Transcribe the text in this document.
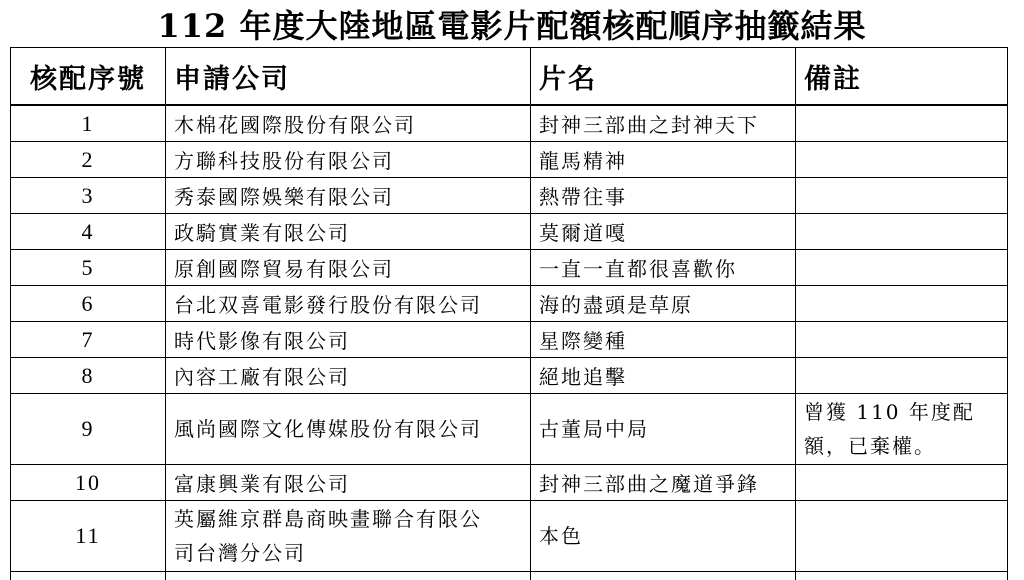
112 年度大陸地區電影片配額核配順序抽籤結果
核配序號	申請公司	片名	備註
1	木棉花國際股份有限公司	封神三部曲之封神天下	
2	方聯科技股份有限公司	龍馬精神	
3	秀泰國際娛樂有限公司	熱帶往事	
4	政騎實業有限公司	莫爾道嘎	
5	原創國際貿易有限公司	一直一直都很喜歡你	
6	台北双喜電影發行股份有限公司	海的盡頭是草原	
7	時代影像有限公司	星際變種	
8	內容工廠有限公司	絕地追擊	
9	風尚國際文化傳媒股份有限公司	古董局中局	曾獲 110 年度配
額，已棄權。

10	富康興業有限公司	封神三部曲之魔道爭鋒	
11	英屬維京群島商映畫聯合有限公
司台灣分公司	本色	
